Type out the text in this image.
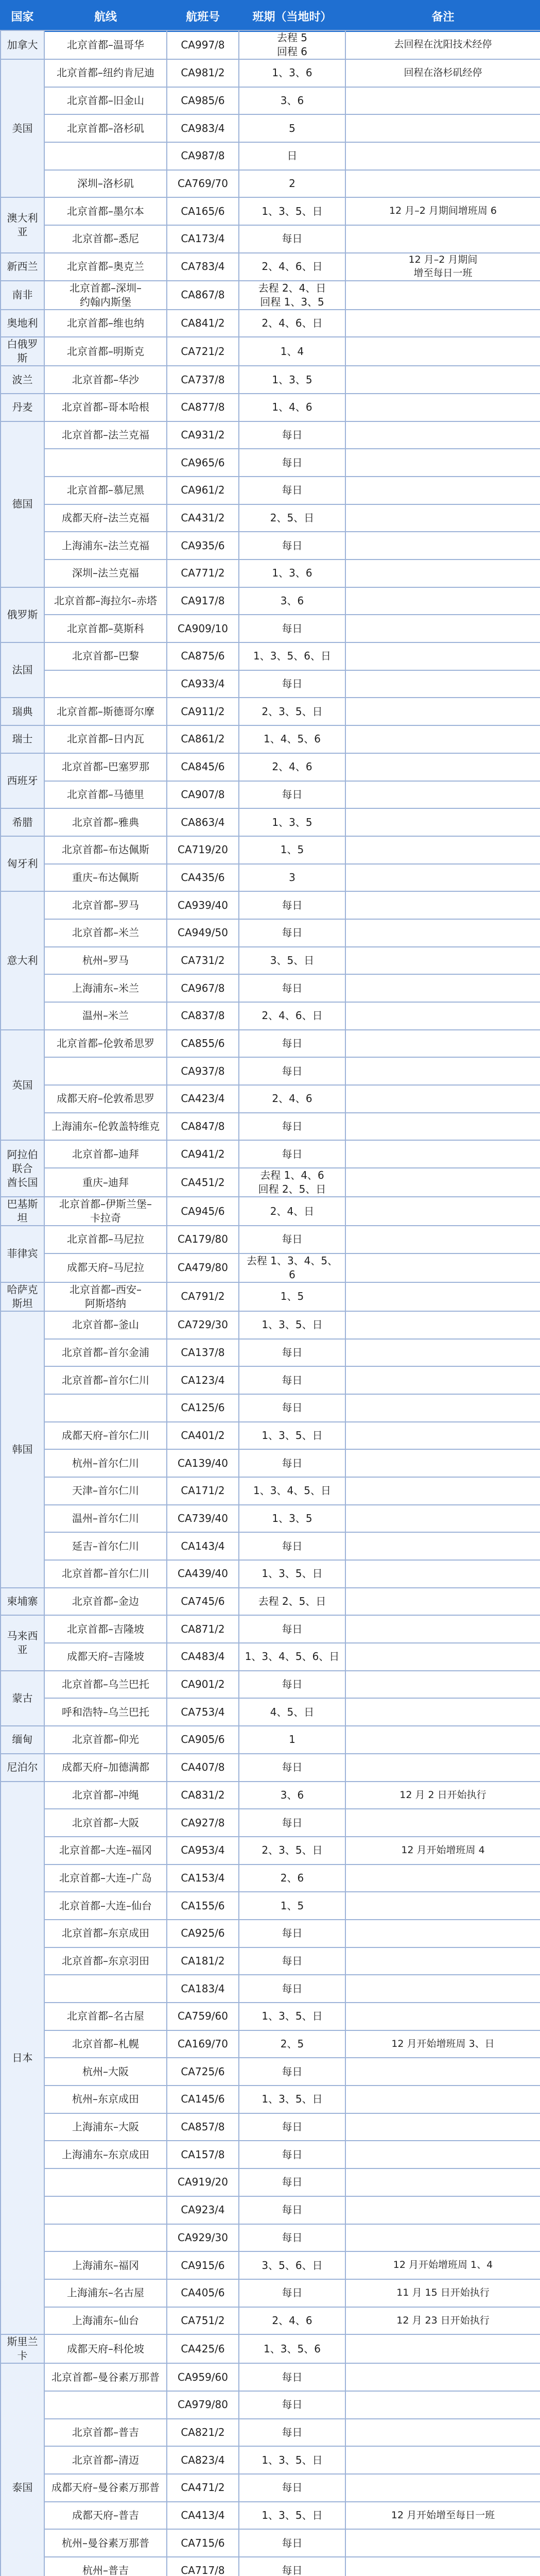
国家	航线	航班号	班期（当地时）	备注
加拿大	北京首都–温哥华	CA997/8	去程 5
回程 6	去回程在沈阳技术经停
美国	北京首都–纽约肯尼迪	CA981/2	1、3、6	回程在洛杉矶经停
	北京首都–旧金山	CA985/6	3、6	
	北京首都–洛杉矶	CA983/4	5	
		CA987/8	日	
	深圳–洛杉矶	CA769/70	2	
澳大利亚	北京首都–墨尔本	CA165/6	1、3、5、日	12 月–2 月期间增班周 6
	北京首都–悉尼	CA173/4	每日	
新西兰	北京首都–奥克兰	CA783/4	2、4、6、日	12 月–2 月期间
增至每日一班
南非	北京首都–深圳–
约翰内斯堡	CA867/8	去程 2、4、日
回程 1、3、5	
奥地利	北京首都–维也纳	CA841/2	2、4、6、日	
白俄罗斯	北京首都–明斯克	CA721/2	1、4	
波兰	北京首都–华沙	CA737/8	1、3、5	
丹麦	北京首都–哥本哈根	CA877/8	1、4、6	
德国	北京首都–法兰克福	CA931/2	每日	
		CA965/6	每日	
	北京首都–慕尼黑	CA961/2	每日	
	成都天府–法兰克福	CA431/2	2、5、日	
	上海浦东–法兰克福	CA935/6	每日	
	深圳–法兰克福	CA771/2	1、3、6	
俄罗斯	北京首都–海拉尔–赤塔	CA917/8	3、6	
	北京首都–莫斯科	CA909/10	每日	
法国	北京首都–巴黎	CA875/6	1、3、5、6、日	
		CA933/4	每日	
瑞典	北京首都–斯德哥尔摩	CA911/2	2、3、5、日	
瑞士	北京首都–日内瓦	CA861/2	1、4、5、6	
西班牙	北京首都–巴塞罗那	CA845/6	2、4、6	
	北京首都–马德里	CA907/8	每日	
希腊	北京首都–雅典	CA863/4	1、3、5	
匈牙利	北京首都–布达佩斯	CA719/20	1、5	
	重庆–布达佩斯	CA435/6	3	
意大利	北京首都–罗马	CA939/40	每日	
	北京首都–米兰	CA949/50	每日	
	杭州–罗马	CA731/2	3、5、日	
	上海浦东–米兰	CA967/8	每日	
	温州–米兰	CA837/8	2、4、6、日	
英国	北京首都–伦敦希思罗	CA855/6	每日	
		CA937/8	每日	
	成都天府–伦敦希思罗	CA423/4	2、4、6	
	上海浦东–伦敦盖特维克	CA847/8	每日	
阿拉伯联合
酋长国	北京首都–迪拜	CA941/2	每日	
	重庆–迪拜	CA451/2	去程 1、4、6
回程 2、5、日	
巴基斯坦	北京首都–伊斯兰堡–
卡拉奇	CA945/6	2、4、日	
菲律宾	北京首都–马尼拉	CA179/80	每日	
	成都天府–马尼拉	CA479/80	去程 1、3、4、5、
6	
哈萨克斯坦	北京首都–西安–
阿斯塔纳	CA791/2	1、5	
韩国	北京首都–釜山	CA729/30	1、3、5、日	
	北京首都–首尔金浦	CA137/8	每日	
	北京首都–首尔仁川	CA123/4	每日	
		CA125/6	每日	
	成都天府–首尔仁川	CA401/2	1、3、5、日	
	杭州–首尔仁川	CA139/40	每日	
	天津–首尔仁川	CA171/2	1、3、4、5、日	
	温州–首尔仁川	CA739/40	1、3、5	
	延吉–首尔仁川	CA143/4	每日	
	北京首都–首尔仁川	CA439/40	1、3、5、日	
柬埔寨	北京首都–金边	CA745/6	去程 2、5、日	
马来西亚	北京首都–吉隆坡	CA871/2	每日	
	成都天府–吉隆坡	CA483/4	1、3、4、5、6、日	
蒙古	北京首都–乌兰巴托	CA901/2	每日	
	呼和浩特–乌兰巴托	CA753/4	4、5、日	
缅甸	北京首都–仰光	CA905/6	1	
尼泊尔	成都天府–加德满都	CA407/8	每日	
日本	北京首都–冲绳	CA831/2	3、6	12 月 2 日开始执行
	北京首都–大阪	CA927/8	每日	
	北京首都–大连–福冈	CA953/4	2、3、5、日	12 月开始增班周 4
	北京首都–大连–广岛	CA153/4	2、6	
	北京首都–大连–仙台	CA155/6	1、5	
	北京首都–东京成田	CA925/6	每日	
	北京首都–东京羽田	CA181/2	每日	
		CA183/4	每日	
	北京首都–名古屋	CA759/60	1、3、5、日	
	北京首都–札幌	CA169/70	2、5	12 月开始增班周 3、日
	杭州–大阪	CA725/6	每日	
	杭州–东京成田	CA145/6	1、3、5、日	
	上海浦东–大阪	CA857/8	每日	
	上海浦东–东京成田	CA157/8	每日	
		CA919/20	每日	
		CA923/4	每日	
		CA929/30	每日	
	上海浦东–福冈	CA915/6	3、5、6、日	12 月开始增班周 1、4
	上海浦东–名古屋	CA405/6	每日	11 月 15 日开始执行
	上海浦东–仙台	CA751/2	2、4、6	12 月 23 日开始执行
斯里兰卡	成都天府–科伦坡	CA425/6	1、3、5、6	
泰国	北京首都–曼谷素万那普	CA959/60	每日	
		CA979/80	每日	
	北京首都–普吉	CA821/2	每日	
	北京首都–清迈	CA823/4	1、3、5、日	
	成都天府–曼谷素万那普	CA471/2	每日	
	成都天府–普吉	CA413/4	1、3、5、日	12 月开始增至每日一班
	杭州–曼谷素万那普	CA715/6	每日	
	杭州–普吉	CA717/8	每日	
